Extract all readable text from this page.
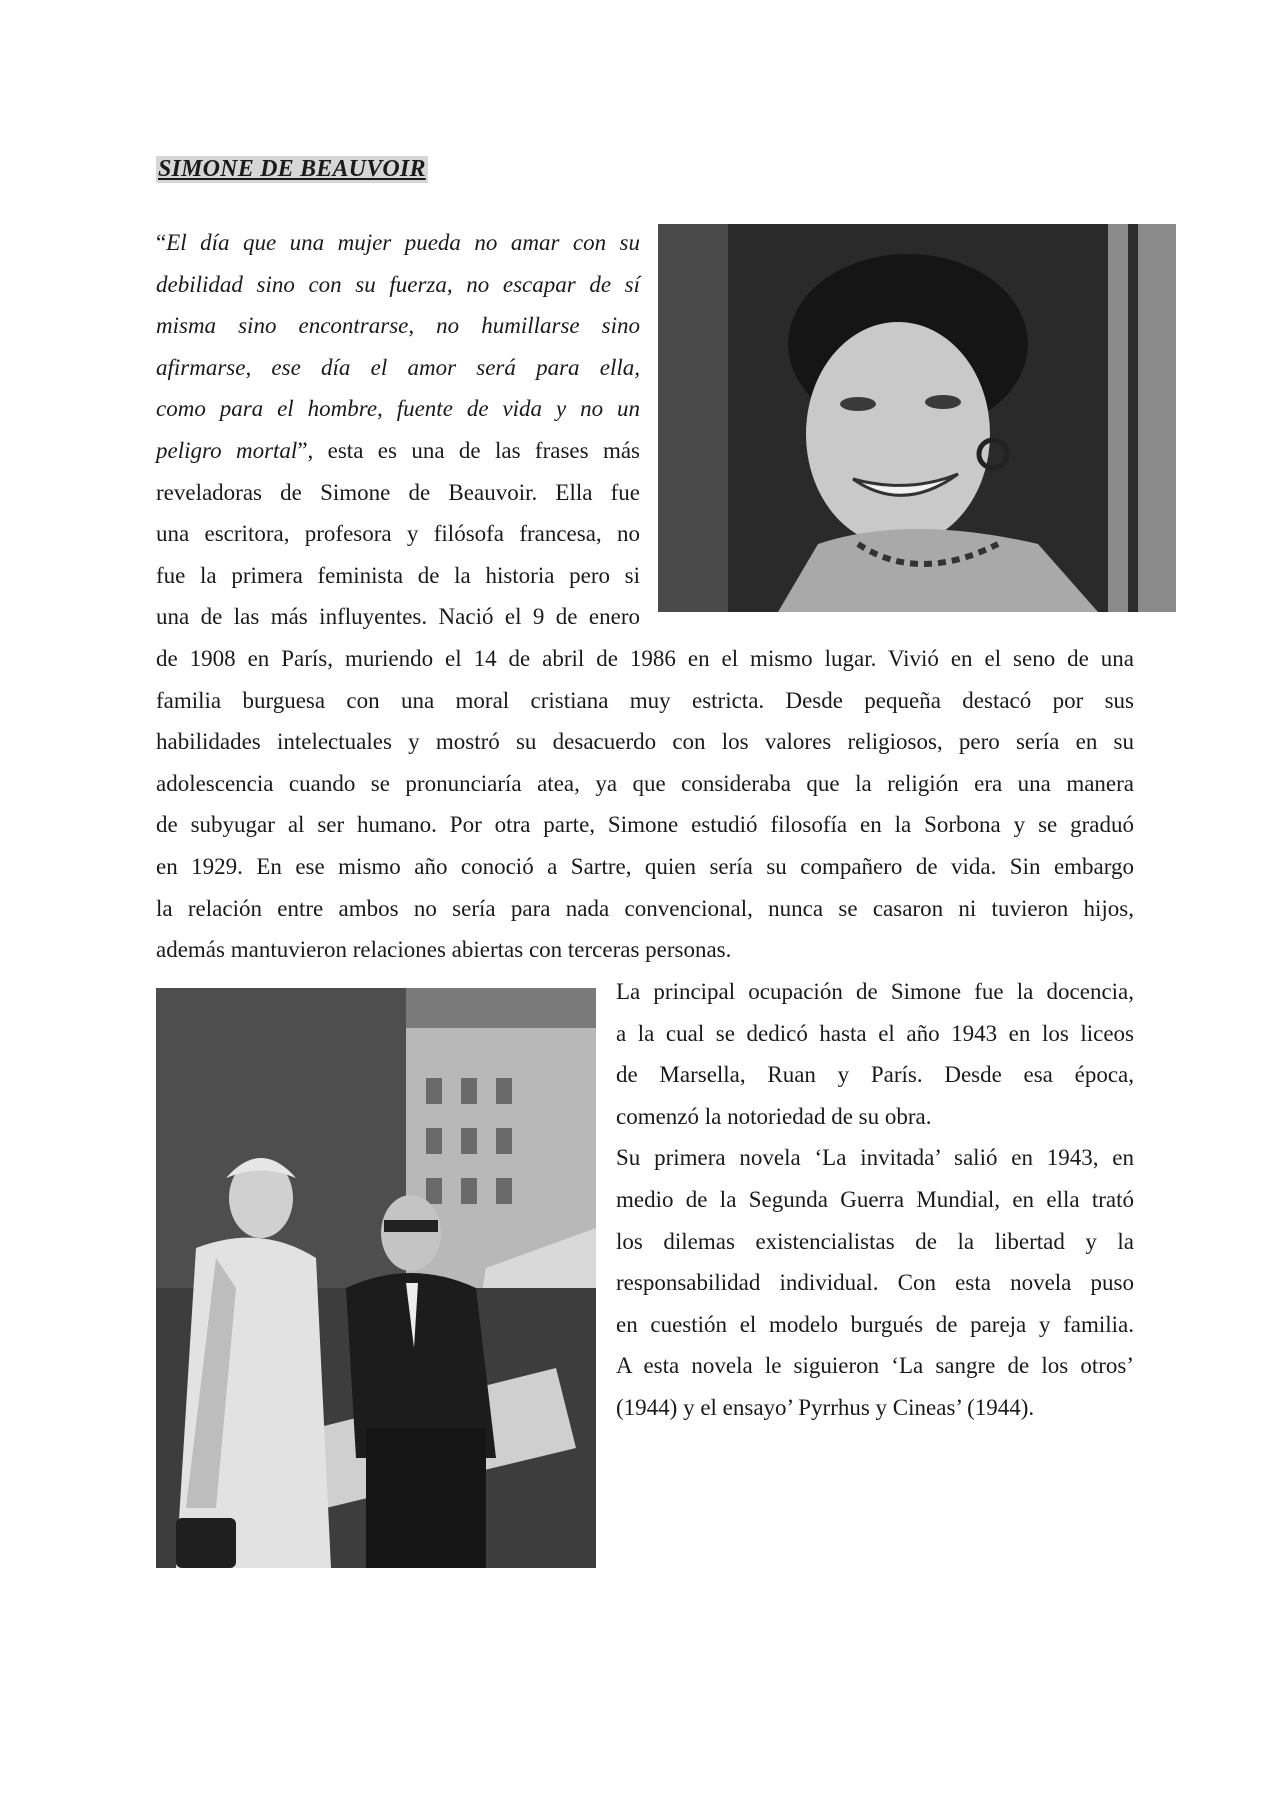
SIMONE DE BEAUVOIR
“El día que una mujer pueda no amar con su
debilidad sino con su fuerza, no escapar de sí
misma sino encontrarse, no humillarse sino
afirmarse, ese día el amor será para ella,
como para el hombre, fuente de vida y no un
peligro mortal”, esta es una de las frases más
reveladoras de Simone de Beauvoir. Ella fue
una escritora, profesora y filósofa francesa, no
fue la primera feminista de la historia pero si
una de las más influyentes. Nació el 9 de enero
de 1908 en París, muriendo el 14 de abril de 1986 en el mismo lugar. Vivió en el seno de una
familia burguesa con una moral cristiana muy estricta. Desde pequeña destacó por sus
habilidades intelectuales y mostró su desacuerdo con los valores religiosos, pero sería en su
adolescencia cuando se pronunciaría atea, ya que consideraba que la religión era una manera
de subyugar al ser humano. Por otra parte, Simone estudió filosofía en la Sorbona y se graduó
en 1929. En ese mismo año conoció a Sartre, quien sería su compañero de vida. Sin embargo
la relación entre ambos no sería para nada convencional, nunca se casaron ni tuvieron hijos,
además mantuvieron relaciones abiertas con terceras personas.
La principal ocupación de Simone fue la docencia,
a la cual se dedicó hasta el año 1943 en los liceos
de Marsella, Ruan y París. Desde esa época,
comenzó la notoriedad de su obra.
Su primera novela ‘La invitada’ salió en 1943, en
medio de la Segunda Guerra Mundial, en ella trató
los dilemas existencialistas de la libertad y la
responsabilidad individual. Con esta novela puso
en cuestión el modelo burgués de pareja y familia.
A esta novela le siguieron ‘La sangre de los otros’
(1944) y el ensayo’ Pyrrhus y Cineas’ (1944).
